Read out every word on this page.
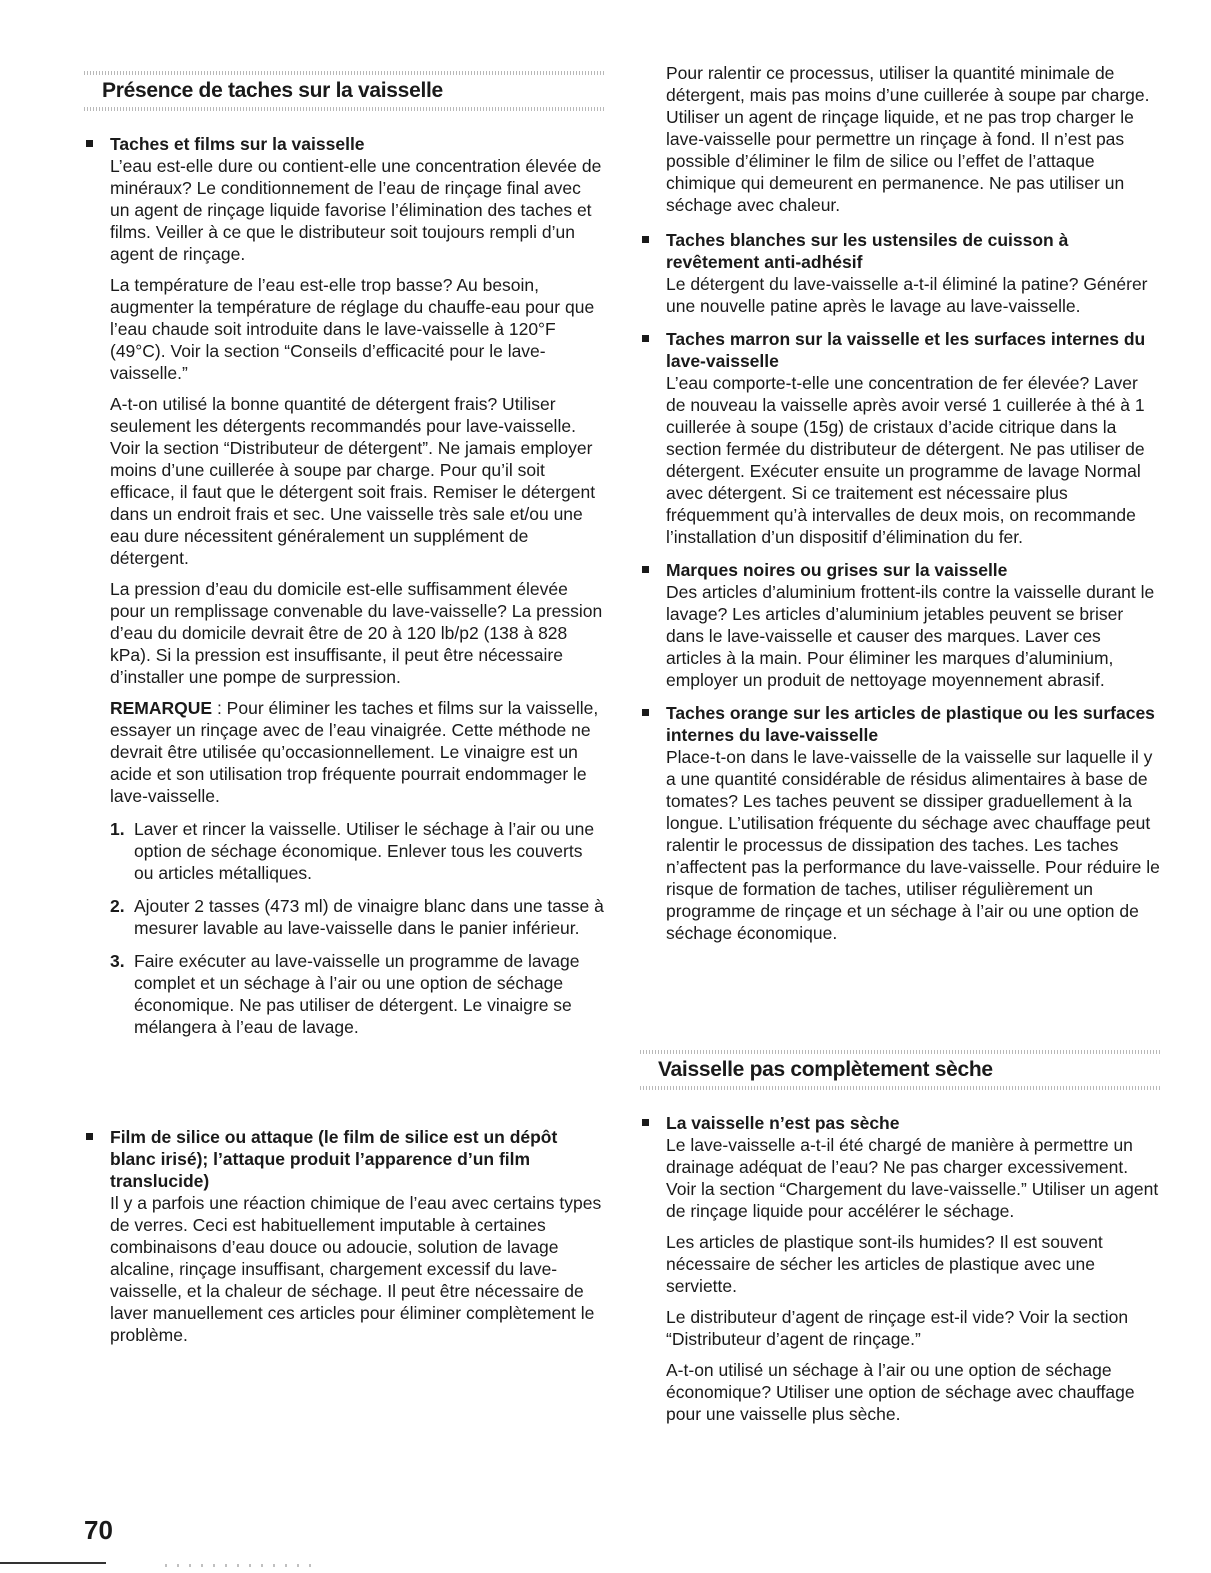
Présence de taches sur la vaisselle
Taches et films sur la vaisselle

L’eau est-elle dure ou contient-elle une concentration élevée de minéraux? Le conditionnement de l’eau de rinçage final avec un agent de rinçage liquide favorise l’élimination des taches et films. Veiller à ce que le distributeur soit toujours rempli d’un agent de rinçage.

La température de l’eau est-elle trop basse? Au besoin, augmenter la température de réglage du chauffe-eau pour que l’eau chaude soit introduite dans le lave-vaisselle à 120°F (49°C). Voir la section “Conseils d’efficacité pour le lave-vaisselle.”

A-t-on utilisé la bonne quantité de détergent frais? Utiliser seulement les détergents recommandés pour lave-vaisselle. Voir la section “Distributeur de détergent”. Ne jamais employer moins d’une cuillerée à soupe par charge. Pour qu’il soit efficace, il faut que le détergent soit frais. Remiser le détergent dans un endroit frais et sec. Une vaisselle très sale et/ou une eau dure nécessitent généralement un supplément de détergent.

La pression d’eau du domicile est-elle suffisamment élevée pour un remplissage convenable du lave-vaisselle? La pression d’eau du domicile devrait être de 20 à 120 lb/p2 (138 à 828 kPa). Si la pression est insuffisante, il peut être nécessaire d’installer une pompe de surpression.

REMARQUE : Pour éliminer les taches et films sur la vaisselle, essayer un rinçage avec de l’eau vinaigrée. Cette méthode ne devrait être utilisée qu’occasionnellement. Le vinaigre est un acide et son utilisation trop fréquente pourrait endommager le lave-vaisselle.

1. Laver et rincer la vaisselle. Utiliser le séchage à l’air ou une option de séchage économique. Enlever tous les couverts ou articles métalliques.
2. Ajouter 2 tasses (473 ml) de vinaigre blanc dans une tasse à mesurer lavable au lave-vaisselle dans le panier inférieur.
3. Faire exécuter au lave-vaisselle un programme de lavage complet et un séchage à l’air ou une option de séchage économique. Ne pas utiliser de détergent. Le vinaigre se mélangera à l’eau de lavage.
Film de silice ou attaque (le film de silice est un dépôt blanc irisé); l’attaque produit l’apparence d’un film translucide)

Il y a parfois une réaction chimique de l’eau avec certains types de verres. Ceci est habituellement imputable à certaines combinaisons d’eau douce ou adoucie, solution de lavage alcaline, rinçage insuffisant, chargement excessif du lave-vaisselle, et la chaleur de séchage. Il peut être nécessaire de laver manuellement ces articles pour éliminer complètement le problème.

Pour ralentir ce processus, utiliser la quantité minimale de détergent, mais pas moins d’une cuillerée à soupe par charge. Utiliser un agent de rinçage liquide, et ne pas trop charger le lave-vaisselle pour permettre un rinçage à fond. Il n’est pas possible d’éliminer le film de silice ou l’effet de l’attaque chimique qui demeurent en permanence. Ne pas utiliser un séchage avec chaleur.

Taches blanches sur les ustensiles de cuisson à revêtement anti-adhésif

Le détergent du lave-vaisselle a-t-il éliminé la patine? Générer une nouvelle patine après le lavage au lave-vaisselle.

Taches marron sur la vaisselle et les surfaces internes du lave-vaisselle

L’eau comporte-t-elle une concentration de fer élevée? Laver de nouveau la vaisselle après avoir versé 1 cuillerée à thé à 1 cuillerée à soupe (15g) de cristaux d’acide citrique dans la section fermée du distributeur de détergent. Ne pas utiliser de détergent. Exécuter ensuite un programme de lavage Normal avec détergent. Si ce traitement est nécessaire plus fréquemment qu’à intervalles de deux mois, on recommande l’installation d’un dispositif d’élimination du fer.

Marques noires ou grises sur la vaisselle

Des articles d’aluminium frottent-ils contre la vaisselle durant le lavage? Les articles d’aluminium jetables peuvent se briser dans le lave-vaisselle et causer des marques. Laver ces articles à la main. Pour éliminer les marques d’aluminium, employer un produit de nettoyage moyennement abrasif.

Taches orange sur les articles de plastique ou les surfaces internes du lave-vaisselle

Place-t-on dans le lave-vaisselle de la vaisselle sur laquelle il y a une quantité considérable de résidus alimentaires à base de tomates? Les taches peuvent se dissiper graduellement à la longue. L’utilisation fréquente du séchage avec chauffage peut ralentir le processus de dissipation des taches. Les taches n’affectent pas la performance du lave-vaisselle. Pour réduire le risque de formation de taches, utiliser régulièrement un programme de rinçage et un séchage à l’air ou une option de séchage économique.

Vaisselle pas complètement sèche
La vaisselle n’est pas sèche

Le lave-vaisselle a-t-il été chargé de manière à permettre un drainage adéquat de l’eau? Ne pas charger excessivement. Voir la section “Chargement du lave-vaisselle.” Utiliser un agent de rinçage liquide pour accélérer le séchage.

Les articles de plastique sont-ils humides? Il est souvent nécessaire de sécher les articles de plastique avec une serviette.

Le distributeur d’agent de rinçage est-il vide? Voir la section “Distributeur d’agent de rinçage.”

A-t-on utilisé un séchage à l’air ou une option de séchage économique? Utiliser une option de séchage avec chauffage pour une vaisselle plus sèche.

70
